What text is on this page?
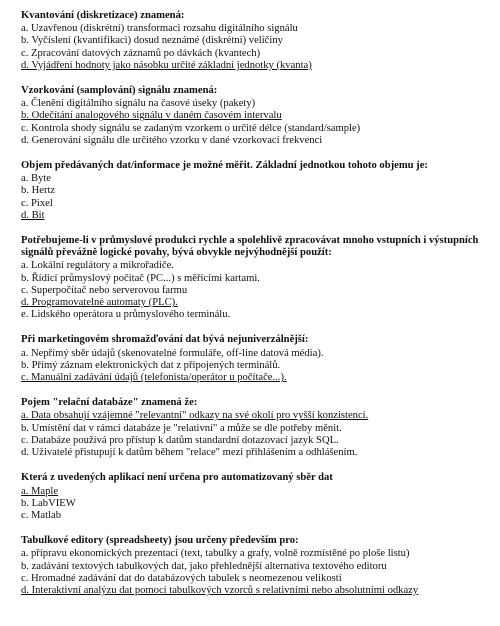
Kvantování (diskretizace) znamená:
a. Uzavřenou (diskrétní) transformaci rozsahu digitálního signálu
b. Vyčíslení (kvantifikaci) dosud neznámé (diskrétní) veličiny
c. Zpracování datových záznamů po dávkách (kvantech)
d. Vyjádření hodnoty jako násobku určité základní jednotky (kvanta)
Vzorkování (samplování) signálu znamená:
a. Členění digitálního signálu na časové úseky (pakety)
b. Odečítání analogového signálu v daném časovém intervalu
c. Kontrola shody signálu se zadaným vzorkem o určité délce (standard/sample)
d. Generování signálu dle určitého vzorku v dané vzorkovací frekvenci
Objem předávaných dat/informace je možné měřit. Základní jednotkou tohoto objemu je:
a. Byte
b. Hertz
c. Pixel
d. Bit
Potřebujeme-li v průmyslové produkci rychle a spolehlivě zpracovávat mnoho vstupních i výstupních signálů převážně logické povahy, bývá obvykle nejvýhodnější použít:
a. Lokální regulátory a mikrořadiče.
b. Řídicí průmyslový počítač (PC...) s měřicími kartami.
c. Superpočítač nebo serverovou farmu
d. Programovatelné automaty (PLC).
e. Lidského operátora u průmyslového terminálu.
Při marketingovém shromažďování dat bývá nejuniverzálnější:
a. Nepřímý sběr údajů (skenovatelné formuláře, off-line datová média).
b. Přímý záznam elektronických dat z připojených terminálů.
c. Manuální zadávání údajů (telefonista/operátor u počítače...).
Pojem "relační databáze" znamená že:
a. Data obsahují vzájemné "relevantní" odkazy na své okolí pro vyšší konzistenci.
b. Umístění dat v rámci databáze je "relativní" a může se dle potřeby měnit.
c. Databáze používá pro přístup k datům standardní dotazovací jazyk SQL.
d. Uživatelé přistupují k datům během "relace" mezi přihlášením a odhlášením.
Která z uvedených aplikací není určena pro automatizovaný sběr dat
a. Maple
b. LabVIEW
c. Matlab
Tabulkové editory (spreadsheety) jsou určeny především pro:
a. přípravu ekonomických prezentací (text, tabulky a grafy, volně rozmístěné po ploše listu)
b. zadávání textových tabulkových dat, jako přehlednější alternativa textového editoru
c. Hromadné zadávání dat do databázových tabulek s neomezenou velikostí
d. Interaktivní analýzu dat pomocí tabulkových vzorců s relativními nebo absolutními odkazy
